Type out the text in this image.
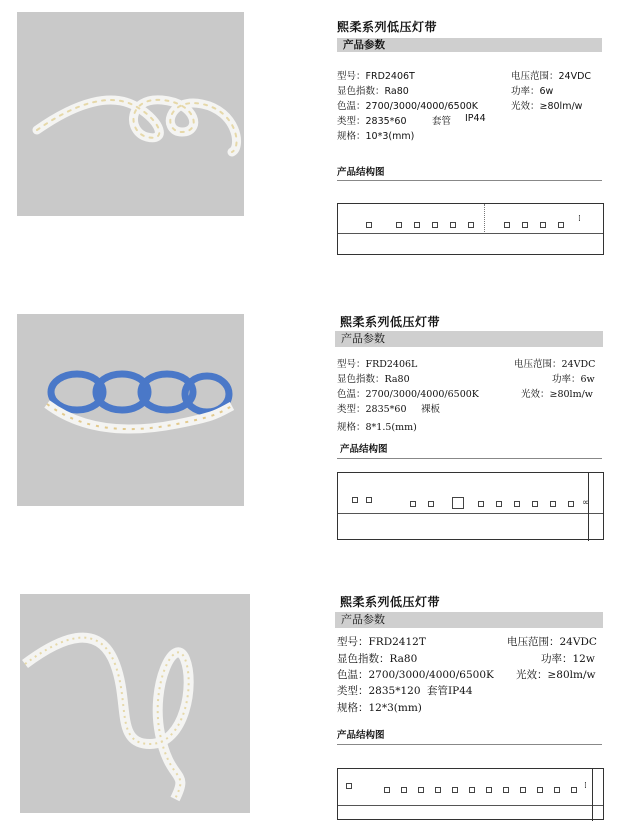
熙柔系列低压灯带
产品参数
型号：FRD2406T	电压范围：24VDC
显色指数：Ra80	功率：6w
色温：2700/3000/4000/6500K	光效：≥80lm/w
类型：2835*60	套管 IP44
规格：10*3(mm)
产品结构图
⁞
熙柔系列低压灯带
产品参数
型号：FRD2406L	电压范围：24VDC
显色指数：Ra80	功率：6w
色温：2700/3000/4000/6500K	光效：≥80lm/w
类型：2835*60 裸板
规格：8*1.5(mm)
产品结构图
∞
熙柔系列低压灯带
产品参数
型号：FRD2412T	电压范围：24VDC
显色指数：Ra80	功率：12w
色温：2700/3000/4000/6500K 光效：≥80lm/w
类型：2835*120 套管IP44
规格：12*3(mm)
产品结构图
⁞
